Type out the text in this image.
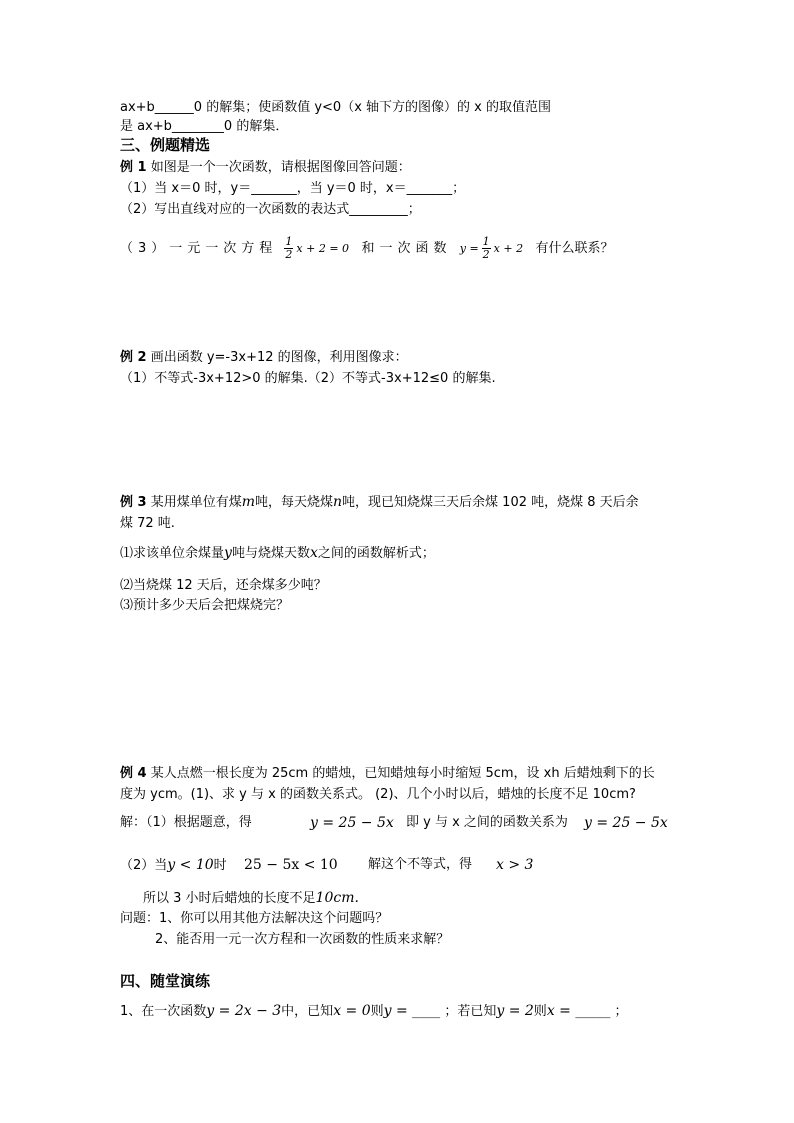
ax+b______0 的解集；使函数值 y<0（x 轴下方的图像）的 x 的取值范围
是 ax+b________0 的解集．
三、例题精选
例 1 如图是一个一次函数，请根据图像回答问题：
（1）当 x＝0 时，y＝_______，当 y＝0 时，x＝_______；
（2）写出直线对应的一次函数的表达式_________；
（3）一元一次方程 $\frac{1}{2}$ x + 2 = 0 和一次函数 $y = \frac{1}{2}$ x + 2 有什么联系？
例 2 画出函数 y=-3x+12 的图像，利用图像求：
（1）不等式-3x+12>0 的解集.（2）不等式-3x+12≤0 的解集.
例 3 某用煤单位有煤m吨，每天烧煤n吨，现已知烧煤三天后余煤 102 吨，烧煤 8 天后余
煤 72 吨.
⑴求该单位余煤量y吨与烧煤天数x之间的函数解析式；
⑵当烧煤 12 天后，还余煤多少吨？
⑶预计多少天后会把煤烧完？
例 4 某人点燃一根长度为 25cm 的蜡烛，已知蜡烛每小时缩短 5cm，设 xh 后蜡烛剩下的长
度为 ycm。(1)、求 y 与 x 的函数关系式。 (2)、几个小时以后，蜡烛的长度不足 10cm?
解：（1）根据题意，得	y = 25 − 5x 即 y 与 x 之间的函数关系为 y = 25 − 5x
（2）当y < 10时 25 − 5x < 10 解这个不等式，得 x > 3
所以 3 小时后蜡烛的长度不足10cm.
问题：1、你可以用其他方法解决这个问题吗？
2、能否用一元一次方程和一次函数的性质来求解？
四、随堂演练
1、在一次函数y = 2x − 3中，已知x = 0则y = ____ ；若已知y = 2则x = _____ ；
